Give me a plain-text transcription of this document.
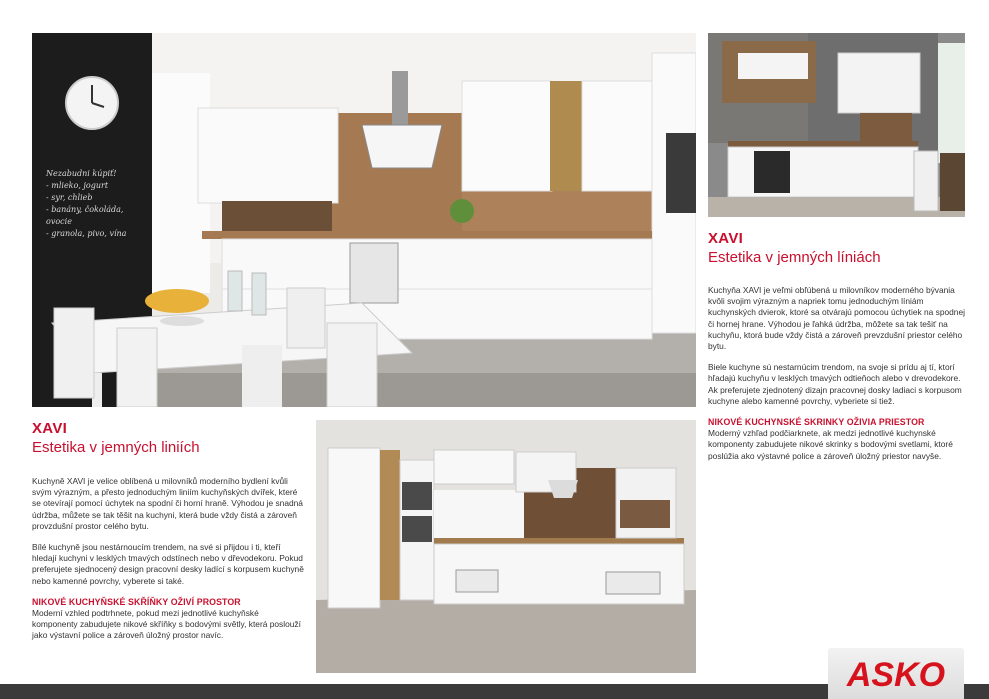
Nezabudni kúpiť!
- mlieko, jogurt
- syr, chlieb
- banány, čokoláda, ovocie
- granola, pivo, vína	XAVI
Estetika v jemných líniách

Kuchyňa XAVI je veľmi obľúbená u milovníkov moderného bývania kvôli svojim výrazným a napriek tomu jednoduchým líniám kuchynských dvierok, ktoré sa otvárajú pomocou úchytiek na spodnej či hornej hrane. Výhodou je ľahká údržba, môžete sa tak tešiť na kuchyňu, ktorá bude vždy čistá a zároveň prevzdušní priestor celého bytu.

Biele kuchyne sú nestarnúcim trendom, na svoje si prídu aj tí, ktorí hľadajú kuchyňu v lesklých tmavých odtieňoch alebo v drevodekore. Ak preferujete zjednotený dizajn pracovnej dosky ladiaci s korpusom kuchyne alebo kamenné povrchy, vyberiete si tiež.

NIKOVÉ KUCHYNSKÉ SKRINKY OŽIVIA PRIESTOR

Moderný vzhľad podčiarknete, ak medzi jednotlivé kuchynské komponenty zabudujete nikové skrinky s bodovými svetlami, ktoré poslúžia ako výstavné police a zároveň úložný priestor navyše.

XAVI
Estetika v jemných liniích

Kuchyně XAVI je velice oblíbená u milovníků moderního bydlení kvůli svým výrazným, a přesto jednoduchým liniím kuchyňských dvířek, které se otevírají pomocí úchytek na spodní či horní hraně. Výhodou je snadná údržba, můžete se tak těšit na kuchyni, která bude vždy čistá a zároveň provzdušní prostor celého bytu.

Bílé kuchyně jsou nestárnoucím trendem, na své si přijdou i ti, kteří hledají kuchyni v lesklých tmavých odstínech nebo v dřevodekoru. Pokud preferujete sjednocený design pracovní desky ladící s korpusem kuchyně nebo kamenné povrchy, vyberete si také.

NIKOVÉ KUCHYŇSKÉ SKŘÍŇKY OŽIVÍ PROSTOR

Moderní vzhled podtrhnete, pokud mezi jednotlivé kuchyňské komponenty zabudujete nikové skříňky s bodovými světly, která poslouží jako výstavní police a zároveň úložný prostor navíc.

ASKO
